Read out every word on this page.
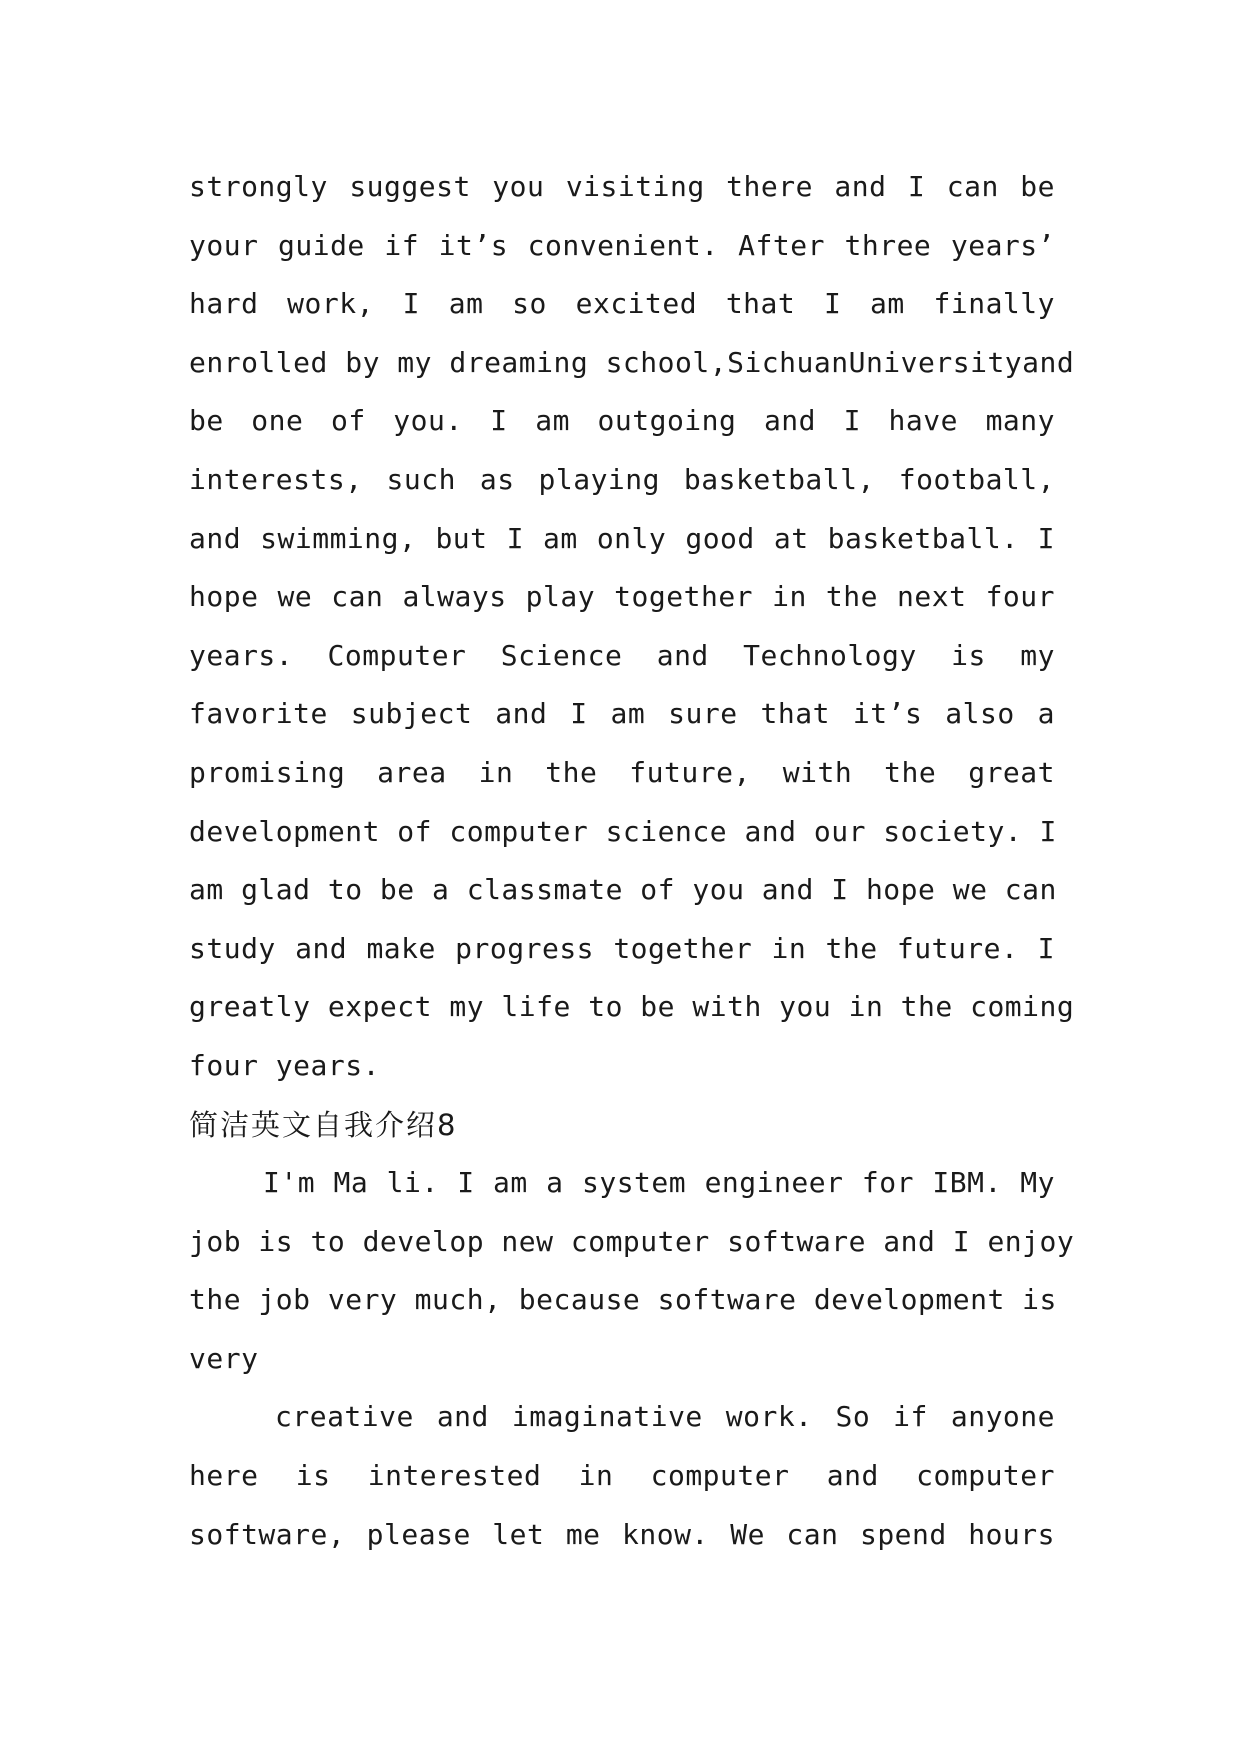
strongly suggest you visiting there and I can be
your guide if it’s convenient. After three years’
hard work, I am so excited that I am finally
enrolled by my dreaming school,SichuanUniversityand
be one of you. I am outgoing and I have many
interests, such as playing basketball, football,
and swimming, but I am only good at basketball. I
hope we can always play together in the next four
years. Computer Science and Technology is my
favorite subject and I am sure that it’s also a
promising area in the future, with the great
development of computer science and our society. I
am glad to be a classmate of you and I hope we can
study and make progress together in the future. I
greatly expect my life to be with you in the coming
four years.
简洁英文自我介绍8
I'm Ma li. I am a system engineer for IBM. My
job is to develop new computer software and I enjoy
the job very much, because software development is
very
creative and imaginative work. So if anyone
here is interested in computer and computer
software, please let me know. We can spend hours
